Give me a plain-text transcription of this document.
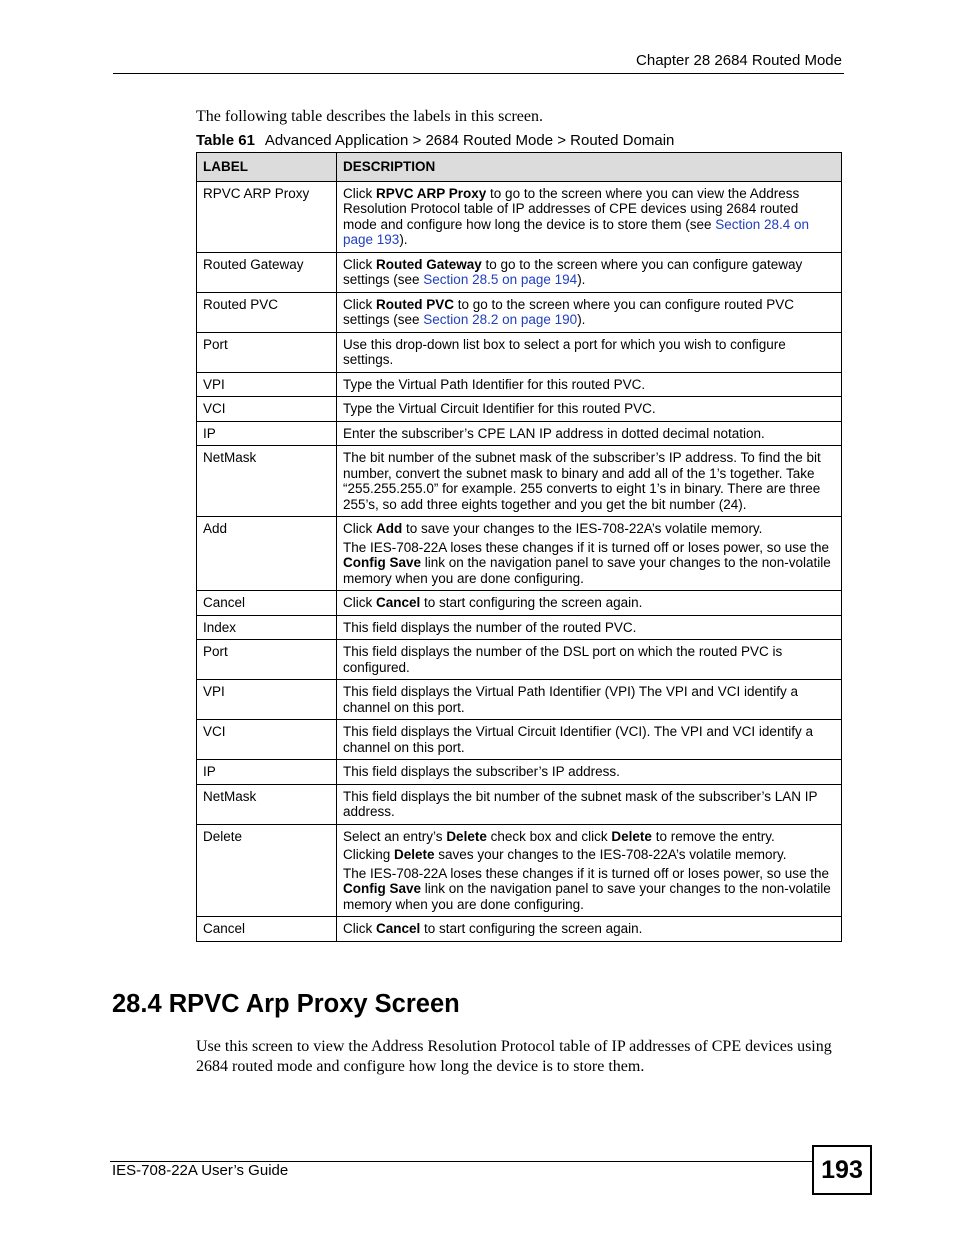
Chapter 28 2684 Routed Mode
The following table describes the labels in this screen.
Table 61 Advanced Application > 2684 Routed Mode > Routed Domain
LABEL	DESCRIPTION
RPVC ARP Proxy	Click RPVC ARP Proxy to go to the screen where you can view the Address Resolution Protocol table of IP addresses of CPE devices using 2684 routed mode and configure how long the device is to store them (see Section 28.4 on page 193).

Routed Gateway	Click Routed Gateway to go to the screen where you can configure gateway settings (see Section 28.5 on page 194).

Routed PVC	Click Routed PVC to go to the screen where you can configure routed PVC settings (see Section 28.2 on page 190).

Port	Use this drop-down list box to select a port for which you wish to configure settings.

VPI	Type the Virtual Path Identifier for this routed PVC.

VCI	Type the Virtual Circuit Identifier for this routed PVC.

IP	Enter the subscriber’s CPE LAN IP address in dotted decimal notation.

NetMask	The bit number of the subnet mask of the subscriber’s IP address. To find the bit number, convert the subnet mask to binary and add all of the 1’s together. Take “255.255.255.0” for example. 255 converts to eight 1’s in binary. There are three 255’s, so add three eights together and you get the bit number (24).

Add	Click Add to save your changes to the IES-708-22A’s volatile memory.

The IES-708-22A loses these changes if it is turned off or loses power, so use the Config Save link on the navigation panel to save your changes to the non-volatile memory when you are done configuring.

Cancel	Click Cancel to start configuring the screen again.

Index	This field displays the number of the routed PVC.

Port	This field displays the number of the DSL port on which the routed PVC is configured.

VPI	This field displays the Virtual Path Identifier (VPI) The VPI and VCI identify a channel on this port.

VCI	This field displays the Virtual Circuit Identifier (VCI). The VPI and VCI identify a channel on this port.

IP	This field displays the subscriber’s IP address.

NetMask	This field displays the bit number of the subnet mask of the subscriber’s LAN IP address.

Delete	Select an entry’s Delete check box and click Delete to remove the entry.

Clicking Delete saves your changes to the IES-708-22A’s volatile memory.

The IES-708-22A loses these changes if it is turned off or loses power, so use the Config Save link on the navigation panel to save your changes to the non-volatile memory when you are done configuring.

Cancel	Click Cancel to start configuring the screen again.

28.4 RPVC Arp Proxy Screen

Use this screen to view the Address Resolution Protocol table of IP addresses of CPE devices using 2684 routed mode and configure how long the device is to store them.

IES-708-22A User’s Guide	193
